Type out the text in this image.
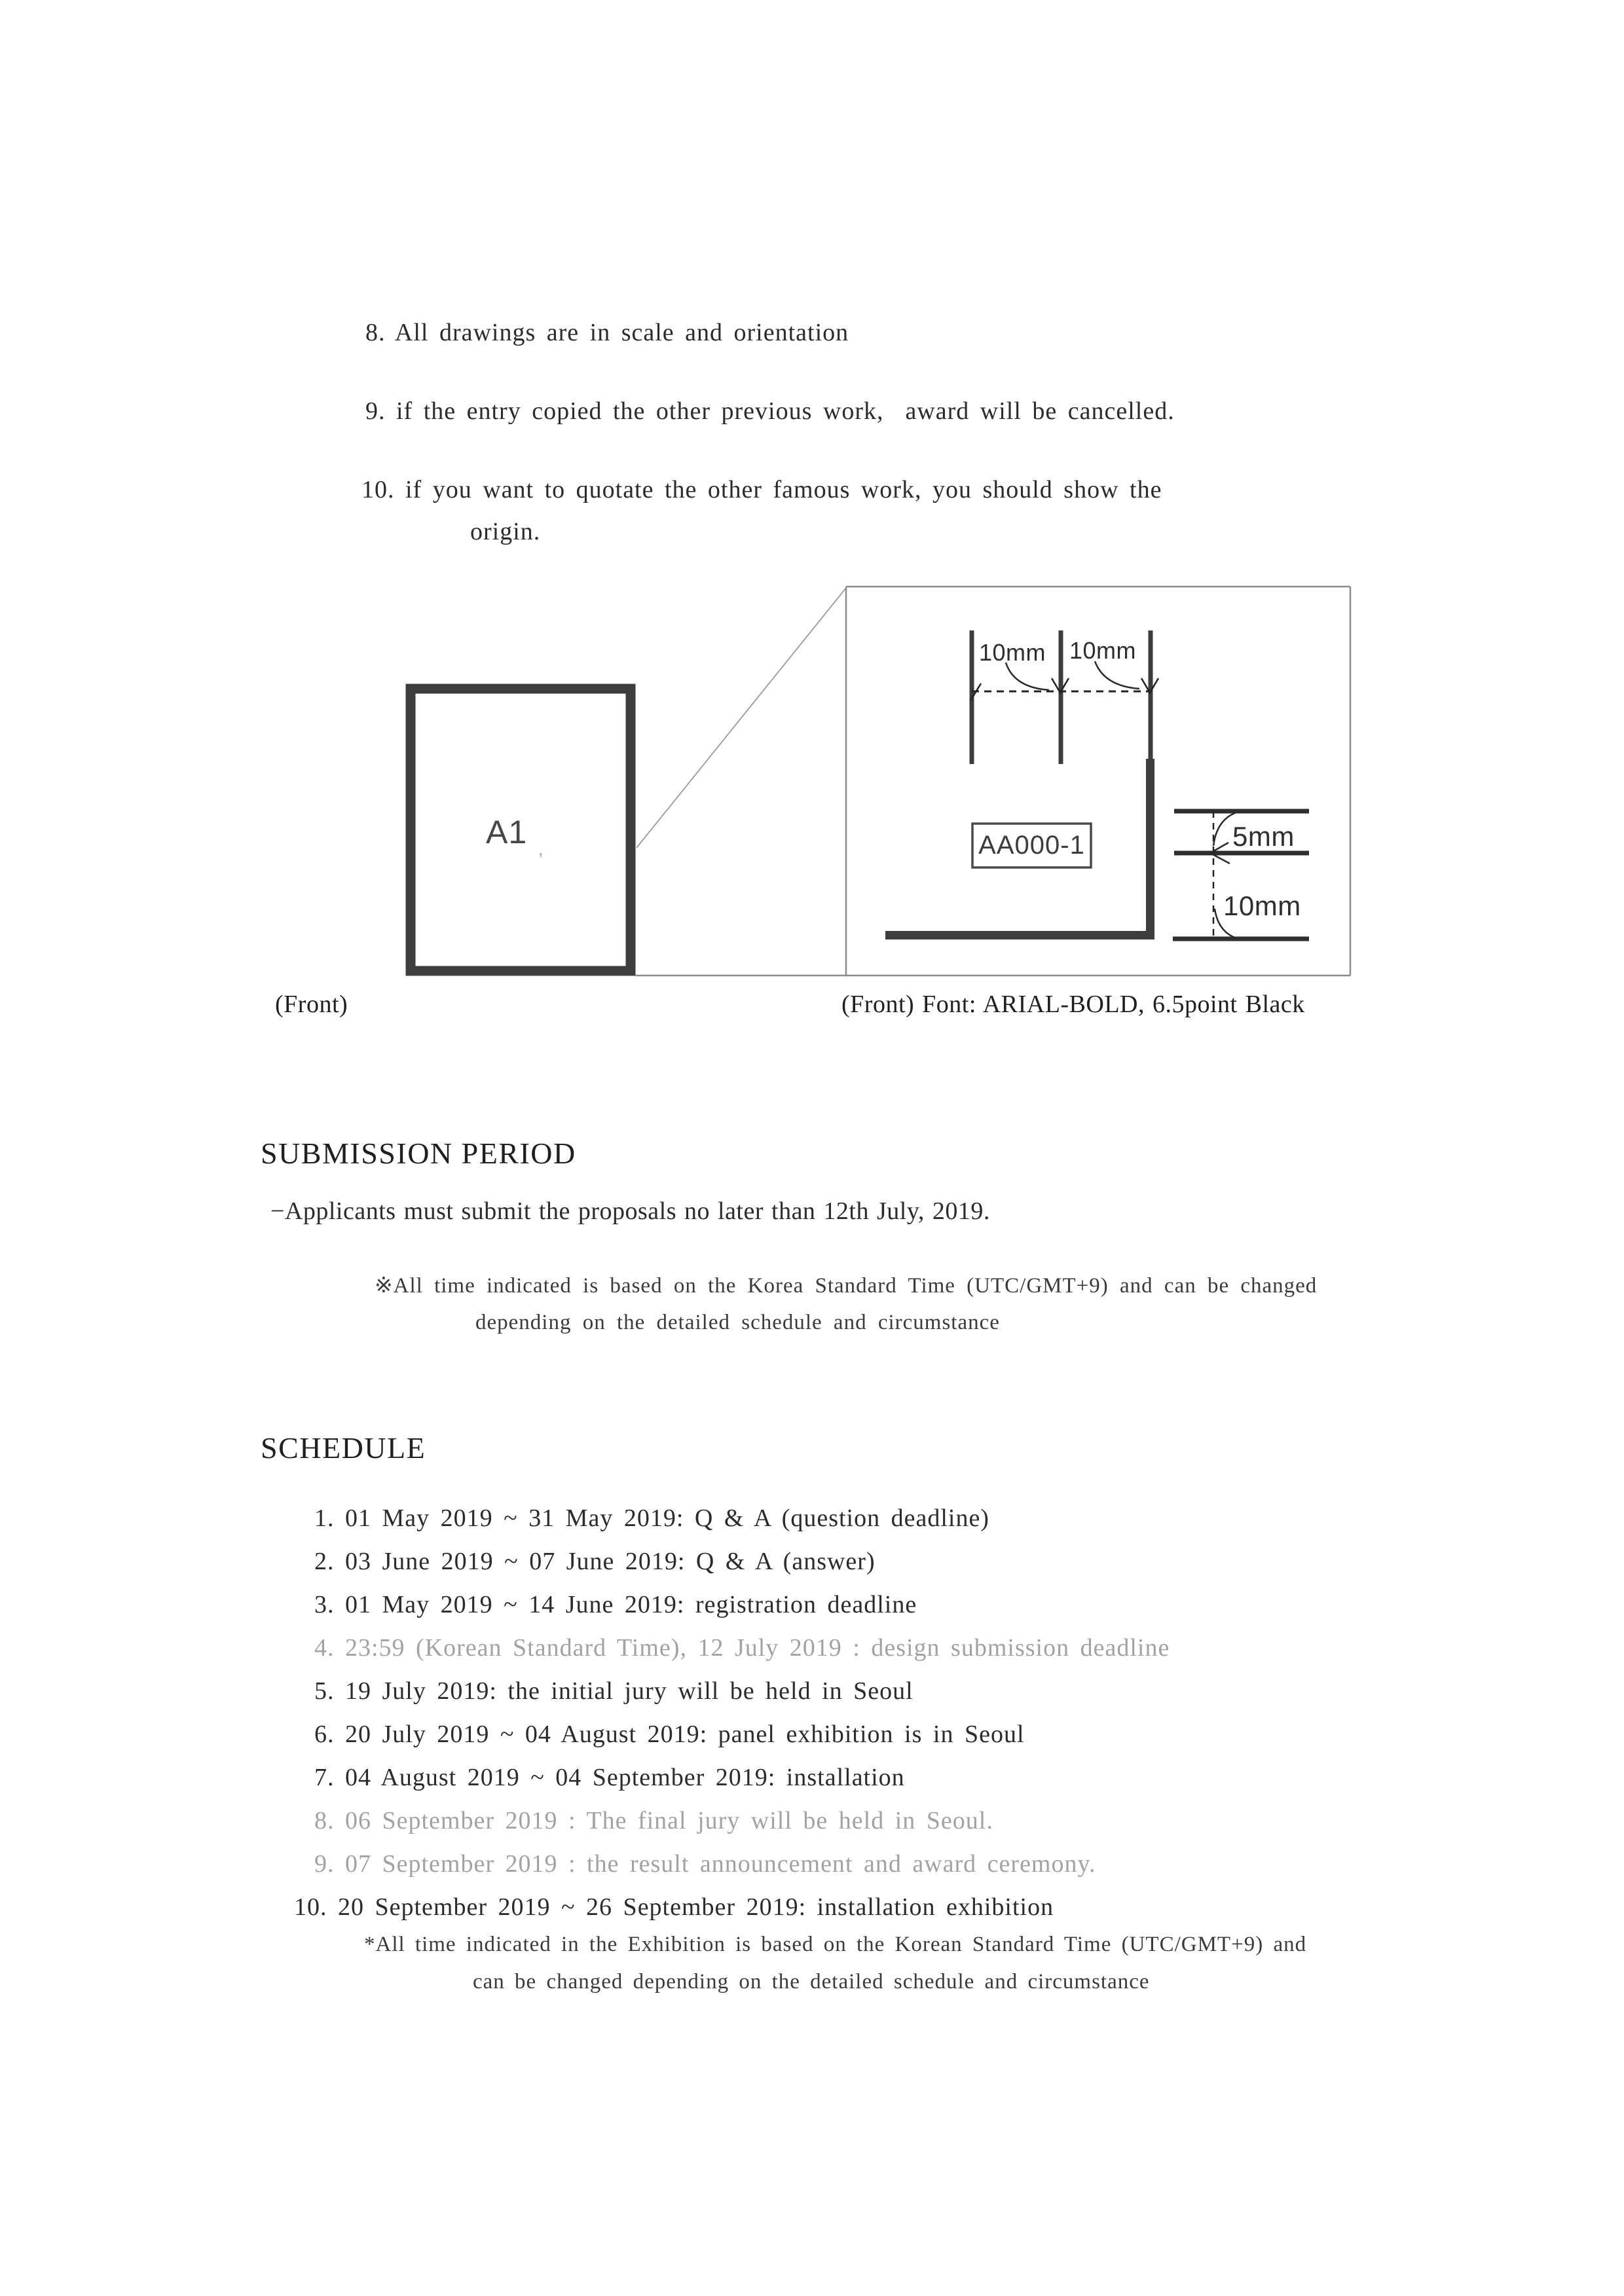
8. All drawings are in scale and orientation
9. if the entry copied the other previous work,  award will be cancelled.
10. if you want to quotate the other famous work, you should show the
origin.
A1 ,
10mm 10mm
AA000-1	5mm
10mm
(Front)	(Front) Font: ARIAL-BOLD, 6.5point Black
SUBMISSION PERIOD
−Applicants must submit the proposals no later than 12th July, 2019.
※All time indicated is based on the Korea Standard Time (UTC/GMT+9) and can be changed
depending on the detailed schedule and circumstance
SCHEDULE
1. 01 May 2019 ~ 31 May 2019: Q & A (question deadline)
2. 03 June 2019 ~ 07 June 2019: Q & A (answer)
3. 01 May 2019 ~ 14 June 2019: registration deadline
4. 23:59 (Korean Standard Time), 12 July 2019 : design submission deadline
5. 19 July 2019: the initial jury will be held in Seoul
6. 20 July 2019 ~ 04 August 2019: panel exhibition is in Seoul
7. 04 August 2019 ~ 04 September 2019: installation
8. 06 September 2019 : The final jury will be held in Seoul.
9. 07 September 2019 : the result announcement and award ceremony.
10. 20 September 2019 ~ 26 September 2019: installation exhibition
*All time indicated in the Exhibition is based on the Korean Standard Time (UTC/GMT+9) and
can be changed depending on the detailed schedule and circumstance
